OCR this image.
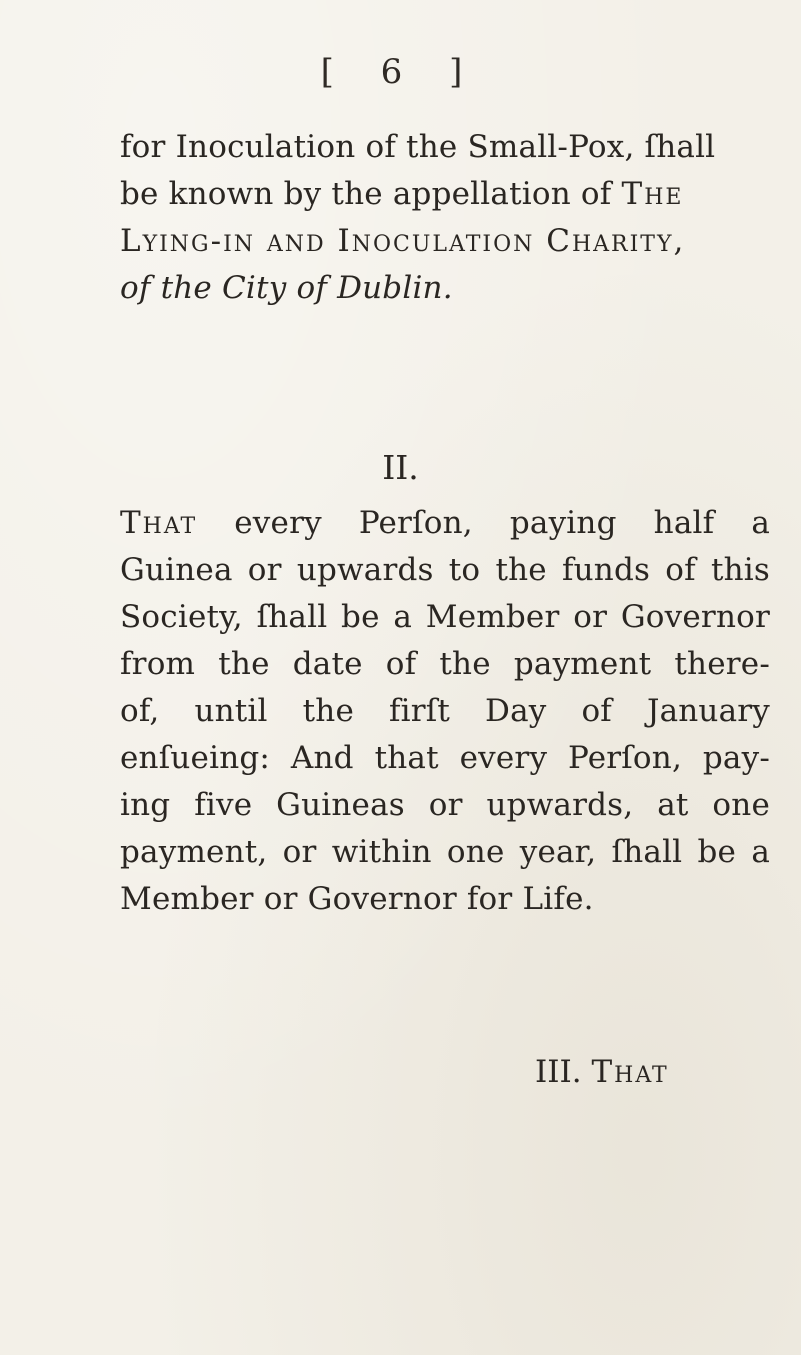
[ 6 ]
for Inoculation of the Small-Pox, ſhall
be known by the appellation of The
Lying-in and Inoculation Charity,
of the City of Dublin.
II.
That every Perſon, paying half a
Guinea or upwards to the funds of this
Society, ſhall be a Member or Governor
from the date of the payment there-
of, until the firſt Day of January
enſueing: And that every Perſon, pay-
ing five Guineas or upwards, at one
payment, or within one year, ſhall be a
Member or Governor for Life.
III. That
